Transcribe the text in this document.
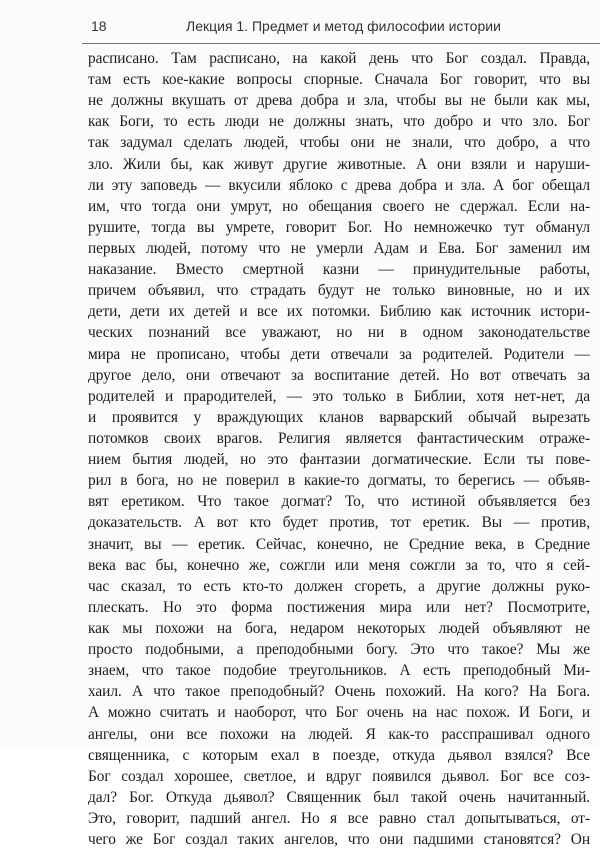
18	Лекция 1. Предмет и метод философии истории
расписано. Там расписано, на какой день что Бог создал. Правда,
там есть кое-какие вопросы спорные. Сначала Бог говорит, что вы
не должны вкушать от древа добра и зла, чтобы вы не были как мы,
как Боги, то есть люди не должны знать, что добро и что зло. Бог
так задумал сделать людей, чтобы они не знали, что добро, а что
зло. Жили бы, как живут другие животные. А они взяли и наруши-
ли эту заповедь — вкусили яблоко с древа добра и зла. А бог обещал
им, что тогда они умрут, но обещания своего не сдержал. Если на-
рушите, тогда вы умрете, говорит Бог. Но немножечко тут обманул
первых людей, потому что не умерли Адам и Ева. Бог заменил им
наказание. Вместо смертной казни — принудительные работы,
причем объявил, что страдать будут не только виновные, но и их
дети, дети их детей и все их потомки. Библию как источник истори-
ческих познаний все уважают, но ни в одном законодательстве
мира не прописано, чтобы дети отвечали за родителей. Родители —
другое дело, они отвечают за воспитание детей. Но вот отвечать за
родителей и прародителей, — это только в Библии, хотя нет-нет, да
и проявится у враждующих кланов варварский обычай вырезать
потомков своих врагов. Религия является фантастическим отраже-
нием бытия людей, но это фантазии догматические. Если ты пове-
рил в бога, но не поверил в какие-то догматы, то берегись — объяв-
вят еретиком. Что такое догмат? То, что истиной объявляется без
доказательств. А вот кто будет против, тот еретик. Вы — против,
значит, вы — еретик. Сейчас, конечно, не Средние века, в Средние
века вас бы, конечно же, сожгли или меня сожгли за то, что я сей-
час сказал, то есть кто-то должен сгореть, а другие должны руко-
плескать. Но это форма постижения мира или нет? Посмотрите,
как мы похожи на бога, недаром некоторых людей объявляют не
просто подобными, а преподобными богу. Это что такое? Мы же
знаем, что такое подобие треугольников. А есть преподобный Ми-
хаил. А что такое преподобный? Очень похожий. На кого? На Бога.
А можно считать и наоборот, что Бог очень на нас похож. И Боги, и
ангелы, они все похожи на людей. Я как-то расспрашивал одного
священника, с которым ехал в поезде, откуда дьявол взялся? Все
Бог создал хорошее, светлое, и вдруг появился дьявол. Бог все соз-
дал? Бог. Откуда дьявол? Священник был такой очень начитанный.
Это, говорит, падший ангел. Но я все равно стал допытываться, от-
чего же Бог создал таких ангелов, что они падшими становятся? Он
